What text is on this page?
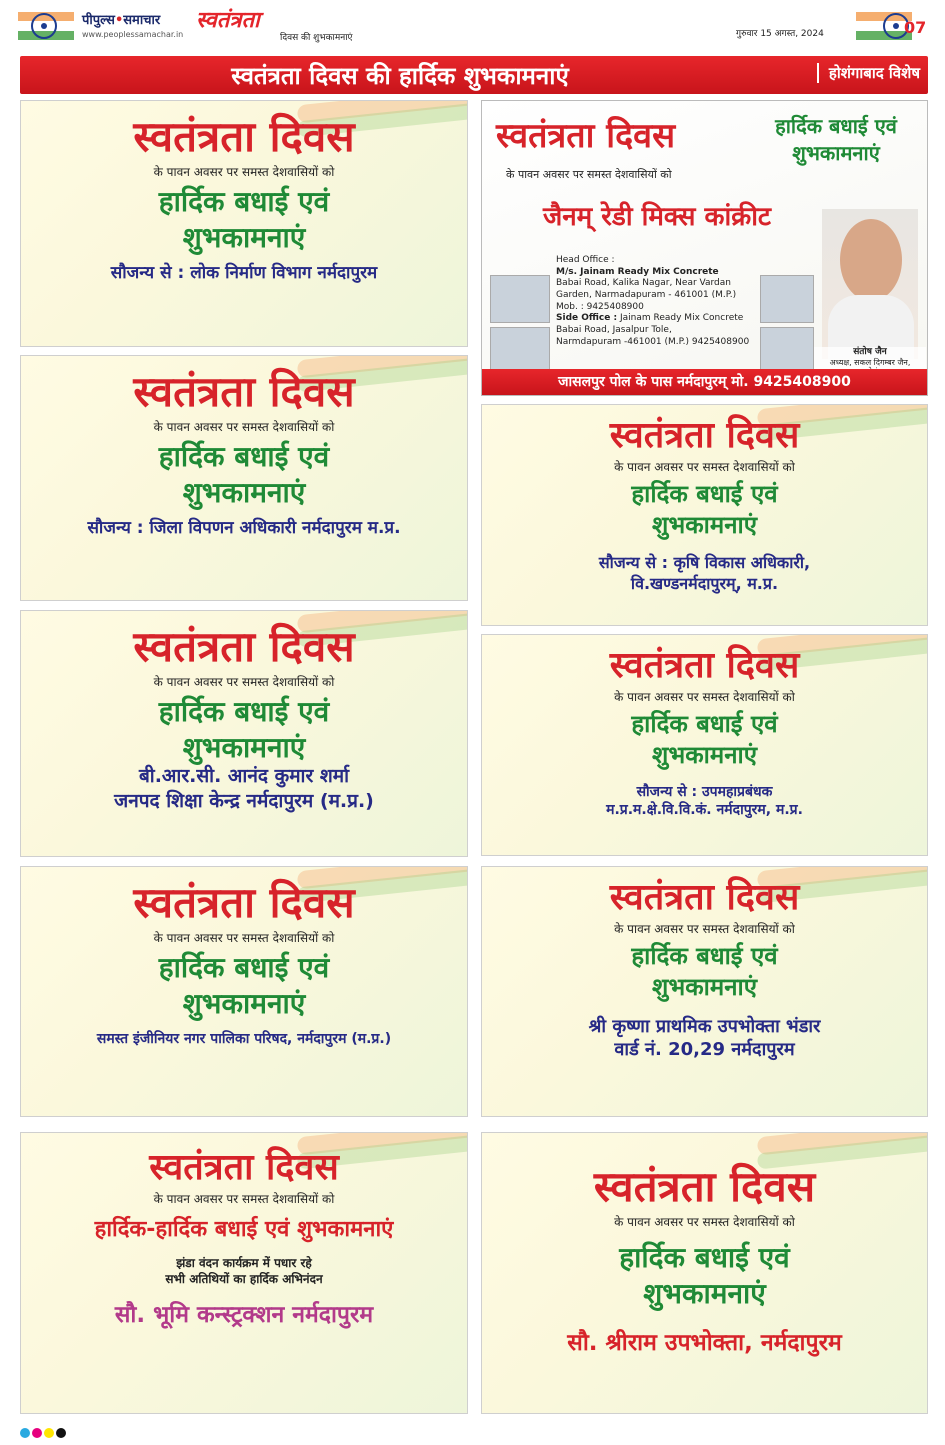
पीपुल्स•समाचार
www.peoplessamachar.in
स्वतंत्रता
दिवस की शुभकामनाएं	गुरुवार 15 अगस्त, 2024	07
स्वतंत्रता दिवस की हार्दिक शुभकामनाएं	होशंगाबाद विशेष
स्वतंत्रता दिवस
के पावन अवसर पर समस्त देशवासियों को
हार्दिक बधाई एवं
शुभकामनाएं
सौजन्य से : लोक निर्माण विभाग नर्मदापुरम
स्वतंत्रता दिवस
के पावन अवसर पर समस्त देशवासियों को
हार्दिक बधाई एवं
शुभकामनाएं
सौजन्य : जिला विपणन अधिकारी नर्मदापुरम म.प्र.
स्वतंत्रता दिवस
के पावन अवसर पर समस्त देशवासियों को
हार्दिक बधाई एवं
शुभकामनाएं
बी.आर.सी. आनंद कुमार शर्मा
जनपद शिक्षा केन्द्र नर्मदापुरम (म.प्र.)
स्वतंत्रता दिवस
के पावन अवसर पर समस्त देशवासियों को
हार्दिक बधाई एवं
शुभकामनाएं
समस्त इंजीनियर नगर पालिका परिषद, नर्मदापुरम (म.प्र.)
स्वतंत्रता दिवस
के पावन अवसर पर समस्त देशवासियों को
हार्दिक-हार्दिक बधाई एवं शुभकामनाएं
झंडा वंदन कार्यक्रम में पधार रहे
सभी अतिथियों का हार्दिक अभिनंदन
सौ. भूमि कन्स्ट्रक्शन नर्मदापुरम
स्वतंत्रता दिवस	हार्दिक बधाई एवं
शुभकामनाएं
के पावन अवसर पर समस्त देशवासियों को
जैनम् रेडी मिक्स कांक्रीट
Head Office :
M/s. Jainam Ready Mix Concrete
Babai Road, Kalika Nagar, Near Vardan
Garden, Narmadapuram - 461001 (M.P.)
Mob. : 9425408900
Side Office : Jainam Ready Mix Concrete
Babai Road, Jasalpur Tole,
Narmdapuram -461001 (M.P.) 9425408900
संतोष जैन
अध्यक्ष, सकल दिगम्बर जैन,

जासलपुर पोल के पास नर्मदापुरम् मो. 9425408900
स्वतंत्रता दिवस
के पावन अवसर पर समस्त देशवासियों को
हार्दिक बधाई एवं
शुभकामनाएं
सौजन्य से : कृषि विकास अधिकारी,
वि.खण्डनर्मदापुरम्, म.प्र.
स्वतंत्रता दिवस
के पावन अवसर पर समस्त देशवासियों को
हार्दिक बधाई एवं
शुभकामनाएं
सौजन्य से : उपमहाप्रबंधक
म.प्र.म.क्षे.वि.वि.कं. नर्मदापुरम, म.प्र.
स्वतंत्रता दिवस
के पावन अवसर पर समस्त देशवासियों को
हार्दिक बधाई एवं
शुभकामनाएं
श्री कृष्णा प्राथमिक उपभोक्ता भंडार
वार्ड नं. 20,29 नर्मदापुरम
स्वतंत्रता दिवस
के पावन अवसर पर समस्त देशवासियों को
हार्दिक बधाई एवं
शुभकामनाएं
सौ. श्रीराम उपभोक्ता, नर्मदापुरम
